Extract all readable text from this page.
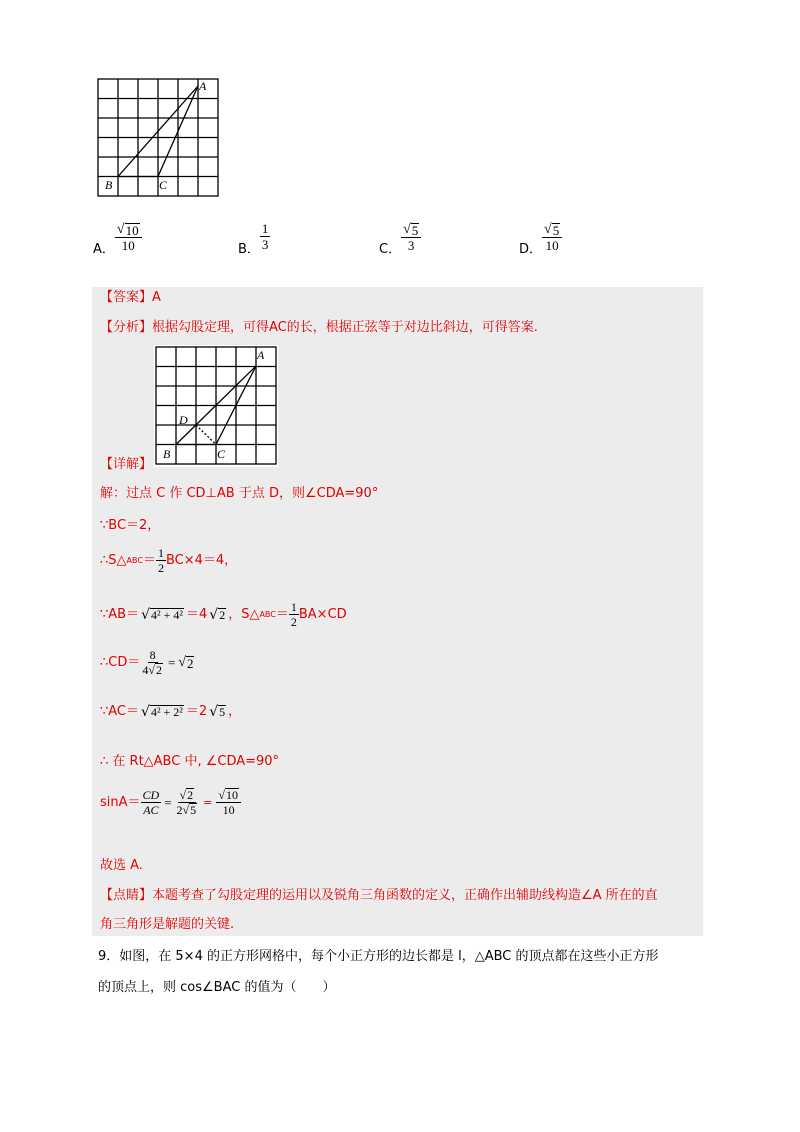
A
B	C
A． $\frac{√ 10}{10}$	B． $\frac{1}{3}$	C． $\frac{√ 5}{3}$	D． $\frac{√ 5}{10}$
【答案】A
【分析】根据勾股定理，可得AC的长，根据正弦等于对边比斜边，可得答案.
A
D
B	C
【详解】
解：过点 C 作 CD⊥AB 于点 D，则∠CDA=90°
∵BC＝2，
∴S △ ABC ＝ $\frac{1}{2} BC\times 4=4$，
∵AB＝ √ 4² + 4² ＝4 √ 2 ，S △ ABC ＝ $\frac{1}{2} BA\times CD$
∴CD＝ $\frac{8}{4 √ 2}$ = √ 2
∵AC＝ √ 4² + 2² ＝2 √ 5 ，
∴ 在 Rt△ABC 中, ∠CDA=90°
$\sin A= \frac{CD}{AC} = \frac{√ 2}{2 √ 5} = \frac{√ 10}{10}$
故选 A.
【点睛】本题考查了勾股定理的运用以及锐角三角函数的定义，正确作出辅助线构造∠A 所在的直
角三角形是解题的关键.
9．如图，在 5×4 的正方形网格中，每个小正方形的边长都是 l，△ABC 的顶点都在这些小正方形
的顶点上，则 cos∠BAC 的值为（　　）
